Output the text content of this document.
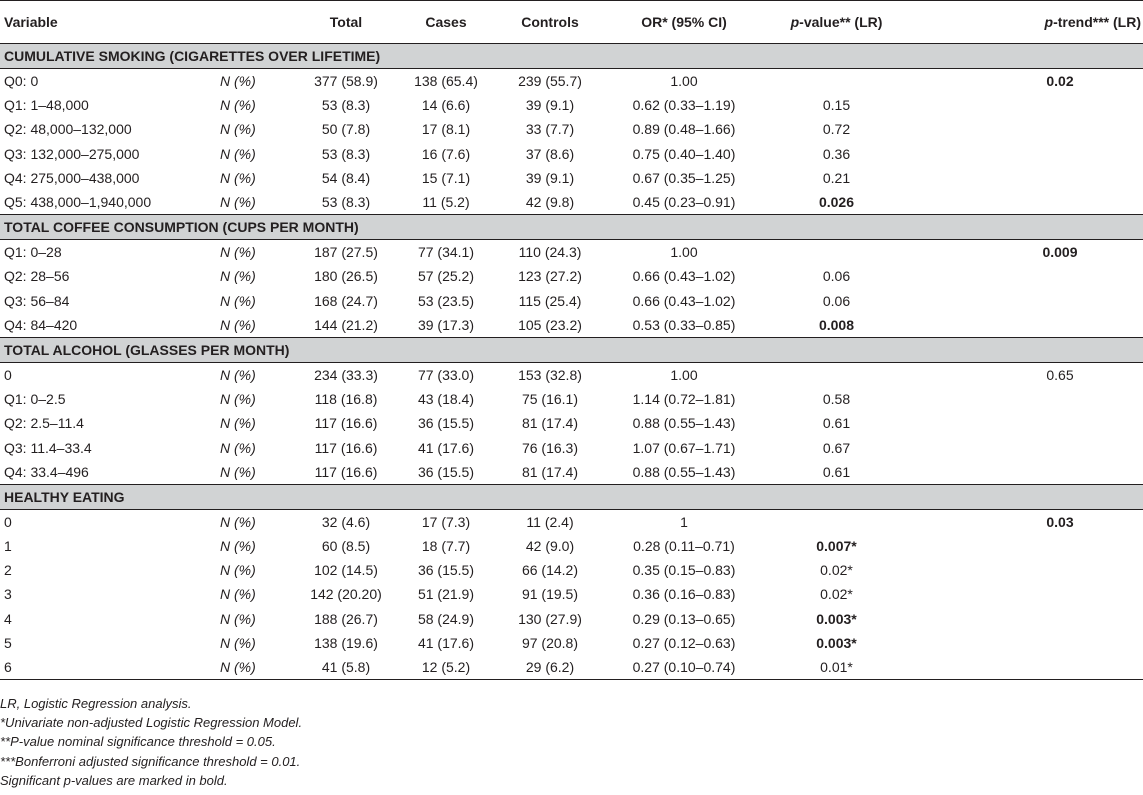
Variable		Total	Cases	Controls	OR* (95% CI)	p-value** (LR)	p-trend*** (LR)
CUMULATIVE SMOKING (CIGARETTES OVER LIFETIME)							
Q0: 0	N (%)	377 (58.9)	138 (65.4)	239 (55.7)	1.00		0.02
Q1: 1–48,000	N (%)	53 (8.3)	14 (6.6)	39 (9.1)	0.62 (0.33–1.19)	0.15	
Q2: 48,000–132,000	N (%)	50 (7.8)	17 (8.1)	33 (7.7)	0.89 (0.48–1.66)	0.72	
Q3: 132,000–275,000	N (%)	53 (8.3)	16 (7.6)	37 (8.6)	0.75 (0.40–1.40)	0.36	
Q4: 275,000–438,000	N (%)	54 (8.4)	15 (7.1)	39 (9.1)	0.67 (0.35–1.25)	0.21	
Q5: 438,000–1,940,000	N (%)	53 (8.3)	11 (5.2)	42 (9.8)	0.45 (0.23–0.91)	0.026	
TOTAL COFFEE CONSUMPTION (CUPS PER MONTH)							
Q1: 0–28	N (%)	187 (27.5)	77 (34.1)	110 (24.3)	1.00		0.009
Q2: 28–56	N (%)	180 (26.5)	57 (25.2)	123 (27.2)	0.66 (0.43–1.02)	0.06	
Q3: 56–84	N (%)	168 (24.7)	53 (23.5)	115 (25.4)	0.66 (0.43–1.02)	0.06	
Q4: 84–420	N (%)	144 (21.2)	39 (17.3)	105 (23.2)	0.53 (0.33–0.85)	0.008	
TOTAL ALCOHOL (GLASSES PER MONTH)							
0	N (%)	234 (33.3)	77 (33.0)	153 (32.8)	1.00		0.65
Q1: 0–2.5	N (%)	118 (16.8)	43 (18.4)	75 (16.1)	1.14 (0.72–1.81)	0.58	
Q2: 2.5–11.4	N (%)	117 (16.6)	36 (15.5)	81 (17.4)	0.88 (0.55–1.43)	0.61	
Q3: 11.4–33.4	N (%)	117 (16.6)	41 (17.6)	76 (16.3)	1.07 (0.67–1.71)	0.67	
Q4: 33.4–496	N (%)	117 (16.6)	36 (15.5)	81 (17.4)	0.88 (0.55–1.43)	0.61	
HEALTHY EATING							
0	N (%)	32 (4.6)	17 (7.3)	11 (2.4)	1		0.03
1	N (%)	60 (8.5)	18 (7.7)	42 (9.0)	0.28 (0.11–0.71)	0.007*	
2	N (%)	102 (14.5)	36 (15.5)	66 (14.2)	0.35 (0.15–0.83)	0.02*	
3	N (%)	142 (20.20)	51 (21.9)	91 (19.5)	0.36 (0.16–0.83)	0.02*	
4	N (%)	188 (26.7)	58 (24.9)	130 (27.9)	0.29 (0.13–0.65)	0.003*	
5	N (%)	138 (19.6)	41 (17.6)	97 (20.8)	0.27 (0.12–0.63)	0.003*	
6	N (%)	41 (5.8)	12 (5.2)	29 (6.2)	0.27 (0.10–0.74)	0.01*	
LR, Logistic Regression analysis.
*Univariate non-adjusted Logistic Regression Model.
**P-value nominal significance threshold = 0.05.
***Bonferroni adjusted significance threshold = 0.01.
Significant p-values are marked in bold.
